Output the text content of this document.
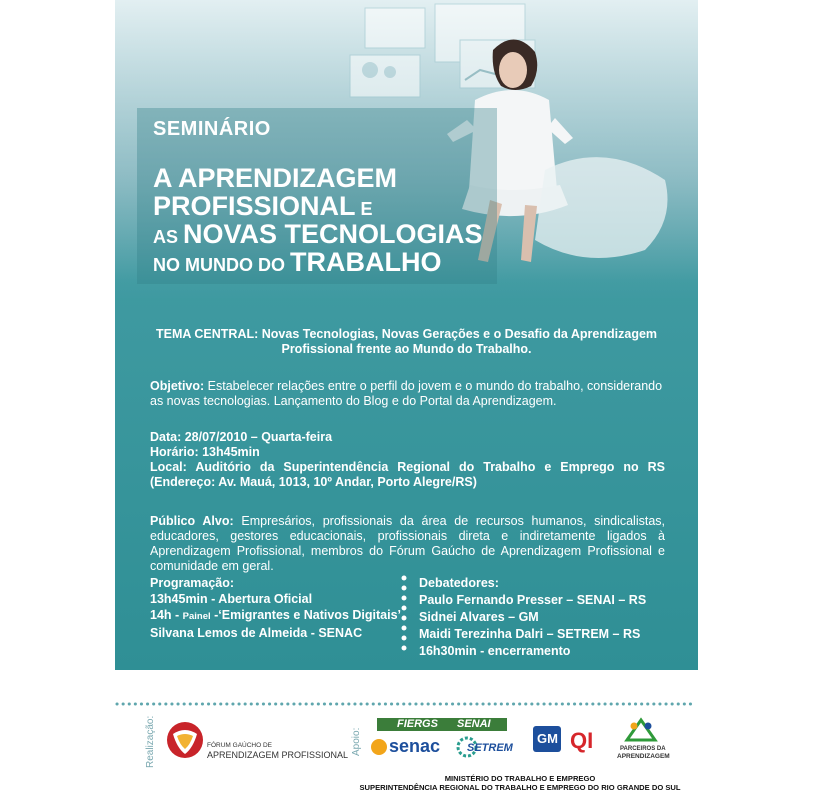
SEMINÁRIO
A APRENDIZAGEM
PROFISSIONAL E
AS NOVAS TECNOLOGIAS
NO MUNDO DO TRABALHO
TEMA CENTRAL: Novas Tecnologias, Novas Gerações e o Desafio da Aprendizagem Profissional frente ao Mundo do Trabalho.
Objetivo: Estabelecer relações entre o perfil do jovem e o mundo do trabalho, considerando as novas tecnologias. Lançamento do Blog e do Portal da Aprendizagem.
Data: 28/07/2010 – Quarta-feira
Horário: 13h45min
Local: Auditório da Superintendência Regional do Trabalho e Emprego no RS (Endereço: Av. Mauá, 1013, 10º Andar, Porto Alegre/RS)
Público Alvo: Empresários, profissionais da área de recursos humanos, sindicalistas, educadores, gestores educacionais, profissionais direta e indiretamente ligados à Aprendizagem Profissional, membros do Fórum Gaúcho de Aprendizagem Profissional e comunidade em geral.
Programação:
13h45min - Abertura Oficial
14h - Painel -‘Emigrantes e Nativos Digitais’
Silvana Lemos de Almeida - SENAC
Debatedores:
Paulo Fernando Presser – SENAI – RS
Sidnei Alvares – GM
Maidi Terezinha Dalri – SETREM – RS
16h30min - encerramento
Realização:	FÓRUM GAÚCHO DE
APRENDIZAGEM PROFISSIONAL Apoio:
FIERGS SENAI
senac SETREM
GM QI	PARCEIROS DA
APRENDIZAGEM
MINISTÉRIO DO TRABALHO E EMPREGO
SUPERINTENDÊNCIA REGIONAL DO TRABALHO E EMPREGO DO RIO GRANDE DO SUL
